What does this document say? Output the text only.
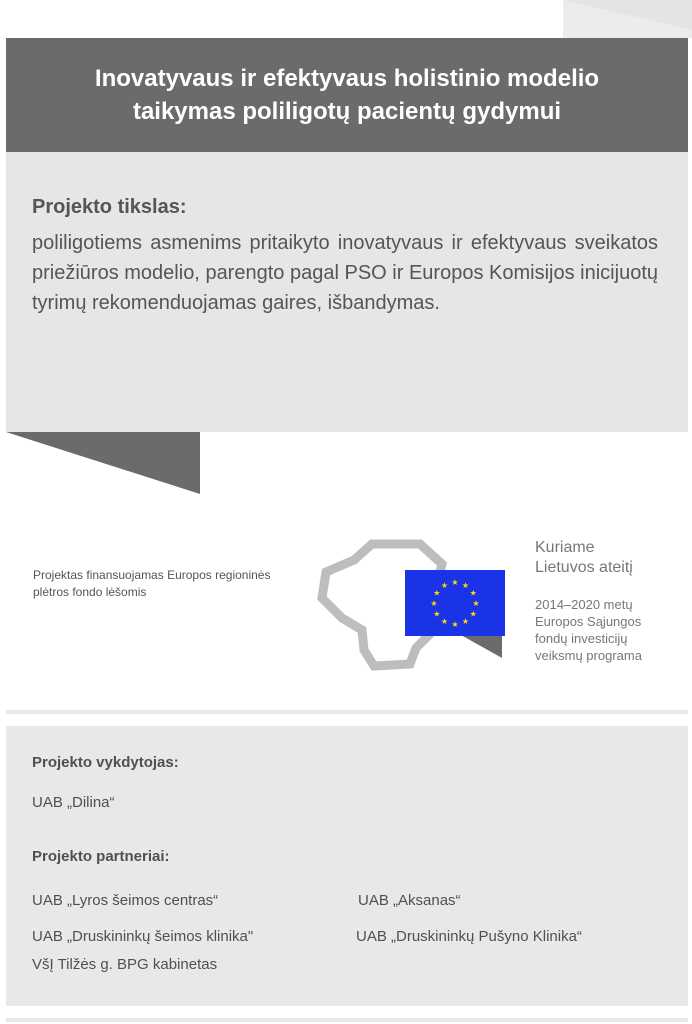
Inovatyvaus ir efektyvaus holistinio modelio
taikymas poliligotų pacientų gydymui
Projekto tikslas:
poliligotiems asmenims pritaikyto inovatyvaus ir efektyvaus sveikatos priežiūros modelio, parengto pagal PSO ir Europos Komisijos inicijuotų tyrimų rekomenduojamas gaires, išbandymas.
Projektas finansuojamas Europos regioninės plėtros fondo lėšomis
★ ★
★
★
★
★
★
★
★
★
★
★
Kuriame
Lietuvos ateitį
2014–2020 metų
Europos Sąjungos
fondų investicijų
veiksmų programa
Projekto vykdytojas:
UAB „Dilina“
Projekto partneriai:
UAB „Lyros šeimos centras“	UAB „Aksanas“
UAB „Druskininkų šeimos klinika"	UAB „Druskininkų Pušyno Klinika“
VšĮ Tilžės g. BPG kabinetas
